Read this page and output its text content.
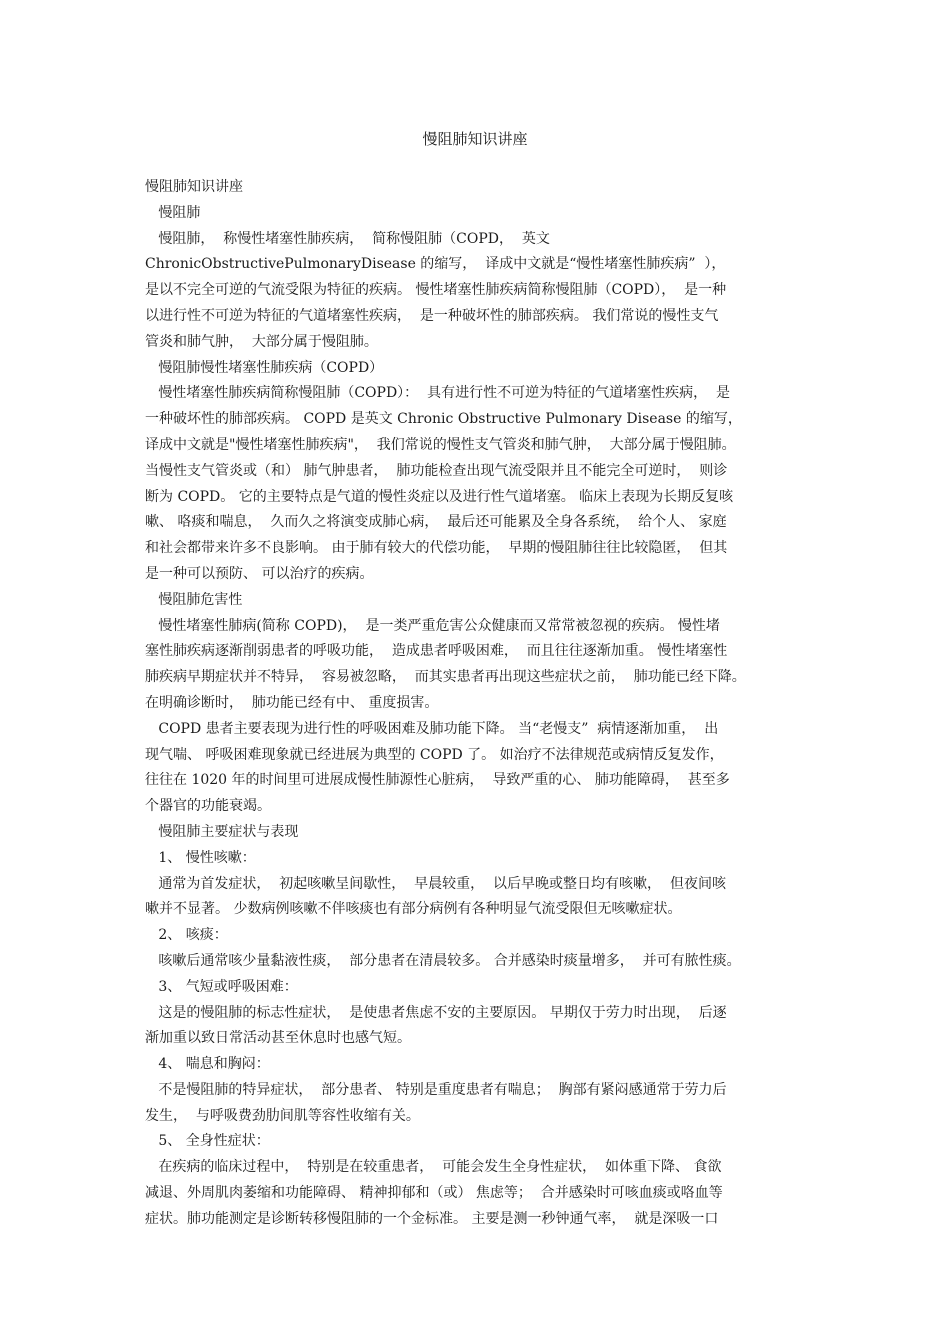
慢阻肺知识讲座
慢阻肺知识讲座
慢阻肺
慢阻肺，  称慢性堵塞性肺疾病，  简称慢阻肺（COPD，  英文
ChronicObstructivePulmonaryDisease 的缩写，  译成中文就是“慢性堵塞性肺疾病”  ），
是以不完全可逆的气流受限为特征的疾病。 慢性堵塞性肺疾病简称慢阻肺（COPD），  是一种
以进行性不可逆为特征的气道堵塞性疾病，  是一种破坏性的肺部疾病。 我们常说的慢性支气
管炎和肺气肿，  大部分属于慢阻肺。
慢阻肺慢性堵塞性肺疾病（COPD）
慢性堵塞性肺疾病简称慢阻肺（COPD）：  具有进行性不可逆为特征的气道堵塞性疾病，  是
一种破坏性的肺部疾病。 COPD 是英文 Chronic Obstructive Pulmonary Disease 的缩写，
译成中文就是"慢性堵塞性肺疾病"，  我们常说的慢性支气管炎和肺气肿，  大部分属于慢阻肺。
当慢性支气管炎或（和） 肺气肿患者，  肺功能检查出现气流受限并且不能完全可逆时，  则诊
断为 COPD。 它的主要特点是气道的慢性炎症以及进行性气道堵塞。 临床上表现为长期反复咳
嗽、 咯痰和喘息，  久而久之将演变成肺心病，  最后还可能累及全身各系统，  给个人、 家庭
和社会都带来许多不良影响。 由于肺有较大的代偿功能，  早期的慢阻肺往往比较隐匿，  但其
是一种可以预防、 可以治疗的疾病。
慢阻肺危害性
慢性堵塞性肺病(简称 COPD)，  是一类严重危害公众健康而又常常被忽视的疾病。 慢性堵
塞性肺疾病逐渐削弱患者的呼吸功能，  造成患者呼吸困难，  而且往往逐渐加重。 慢性堵塞性
肺疾病早期症状并不特异，  容易被忽略，  而其实患者再出现这些症状之前，  肺功能已经下降。
在明确诊断时，  肺功能已经有中、 重度损害。
COPD 患者主要表现为进行性的呼吸困难及肺功能下降。 当“老慢支”  病情逐渐加重，  出
现气喘、 呼吸困难现象就已经进展为典型的 COPD 了。 如治疗不法律规范或病情反复发作，
往往在 1020 年的时间里可进展成慢性肺源性心脏病，  导致严重的心、 肺功能障碍，  甚至多
个器官的功能衰竭。
慢阻肺主要症状与表现
1、 慢性咳嗽：
通常为首发症状，  初起咳嗽呈间歇性，  早晨较重，  以后早晚或整日均有咳嗽，  但夜间咳
嗽并不显著。 少数病例咳嗽不伴咳痰也有部分病例有各种明显气流受限但无咳嗽症状。
2、 咳痰：
咳嗽后通常咳少量黏液性痰，  部分患者在清晨较多。 合并感染时痰量增多，  并可有脓性痰。
3、 气短或呼吸困难：
这是的慢阻肺的标志性症状，  是使患者焦虑不安的主要原因。 早期仅于劳力时出现，  后逐
渐加重以致日常活动甚至休息时也感气短。
4、 喘息和胸闷：
不是慢阻肺的特异症状，  部分患者、 特别是重度患者有喘息；  胸部有紧闷感通常于劳力后
发生，  与呼吸费劲肋间肌等容性收缩有关。
5、 全身性症状：
在疾病的临床过程中，  特别是在较重患者，  可能会发生全身性症状，  如体重下降、 食欲
减退、外周肌肉萎缩和功能障碍、 精神抑郁和（或） 焦虑等；  合并感染时可咳血痰或咯血等
症状。肺功能测定是诊断转移慢阻肺的一个金标准。 主要是测一秒钟通气率，  就是深吸一口
